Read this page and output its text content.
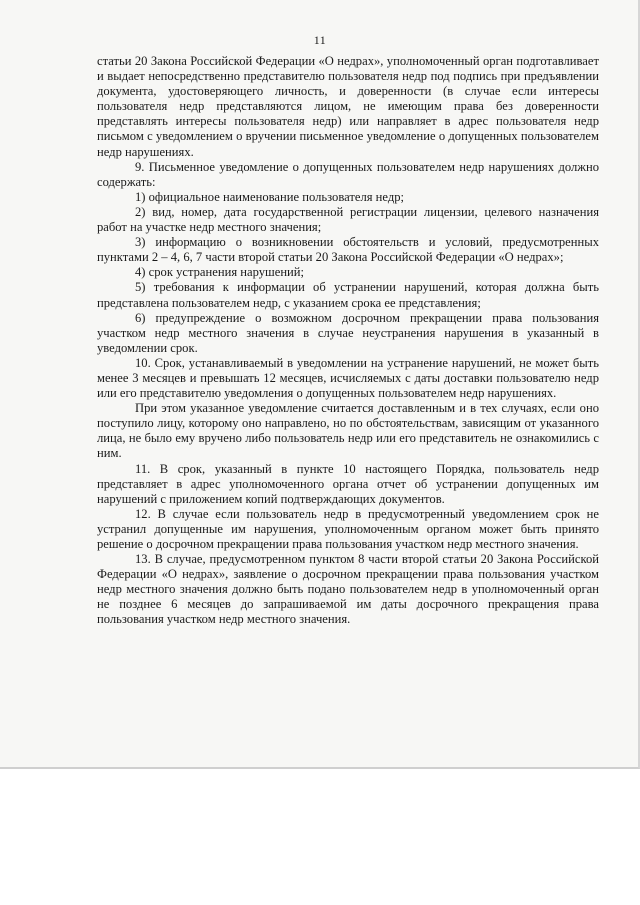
11

статьи 20 Закона Российской Федерации «О недрах», уполномоченный орган подготавливает и выдает непосредственно представителю пользователя недр под подпись при предъявлении документа, удостоверяющего личность, и доверенности (в случае если интересы пользователя недр представляются лицом, не имеющим права без доверенности представлять интересы пользователя недр) или направляет в адрес пользователя недр письмом с уведомлением о вручении письменное уведомление о допущенных пользователем недр нарушениях.

9. Письменное уведомление о допущенных пользователем недр нарушениях должно содержать:

1) официальное наименование пользователя недр;

2) вид, номер, дата государственной регистрации лицензии, целевого назначения работ на участке недр местного значения;

3) информацию о возникновении обстоятельств и условий, предусмотренных пунктами 2 – 4, 6, 7 части второй статьи 20 Закона Российской Федерации «О недрах»;

4) срок устранения нарушений;

5) требования к информации об устранении нарушений, которая должна быть представлена пользователем недр, с указанием срока ее представления;

6) предупреждение о возможном досрочном прекращении права пользования участком недр местного значения в случае неустранения нарушения в указанный в уведомлении срок.

10. Срок, устанавливаемый в уведомлении на устранение нарушений, не может быть менее 3 месяцев и превышать 12 месяцев, исчисляемых с даты доставки пользователю недр или его представителю уведомления о допущенных пользователем недр нарушениях.

При этом указанное уведомление считается доставленным и в тех случаях, если оно поступило лицу, которому оно направлено, но по обстоятельствам, зависящим от указанного лица, не было ему вручено либо пользователь недр или его представитель не ознакомились с ним.

11. В срок, указанный в пункте 10 настоящего Порядка, пользователь недр представляет в адрес уполномоченного органа отчет об устранении допущенных им нарушений с приложением копий подтверждающих документов.

12. В случае если пользователь недр в предусмотренный уведомлением срок не устранил допущенные им нарушения, уполномоченным органом может быть принято решение о досрочном прекращении права пользования участком недр местного значения.

13. В случае, предусмотренном пунктом 8 части второй статьи 20 Закона Российской Федерации «О недрах», заявление о досрочном прекращении права пользования участком недр местного значения должно быть подано пользователем недр в уполномоченный орган не позднее 6 месяцев до запрашиваемой им даты досрочного прекращения права пользования участком недр местного значения.
